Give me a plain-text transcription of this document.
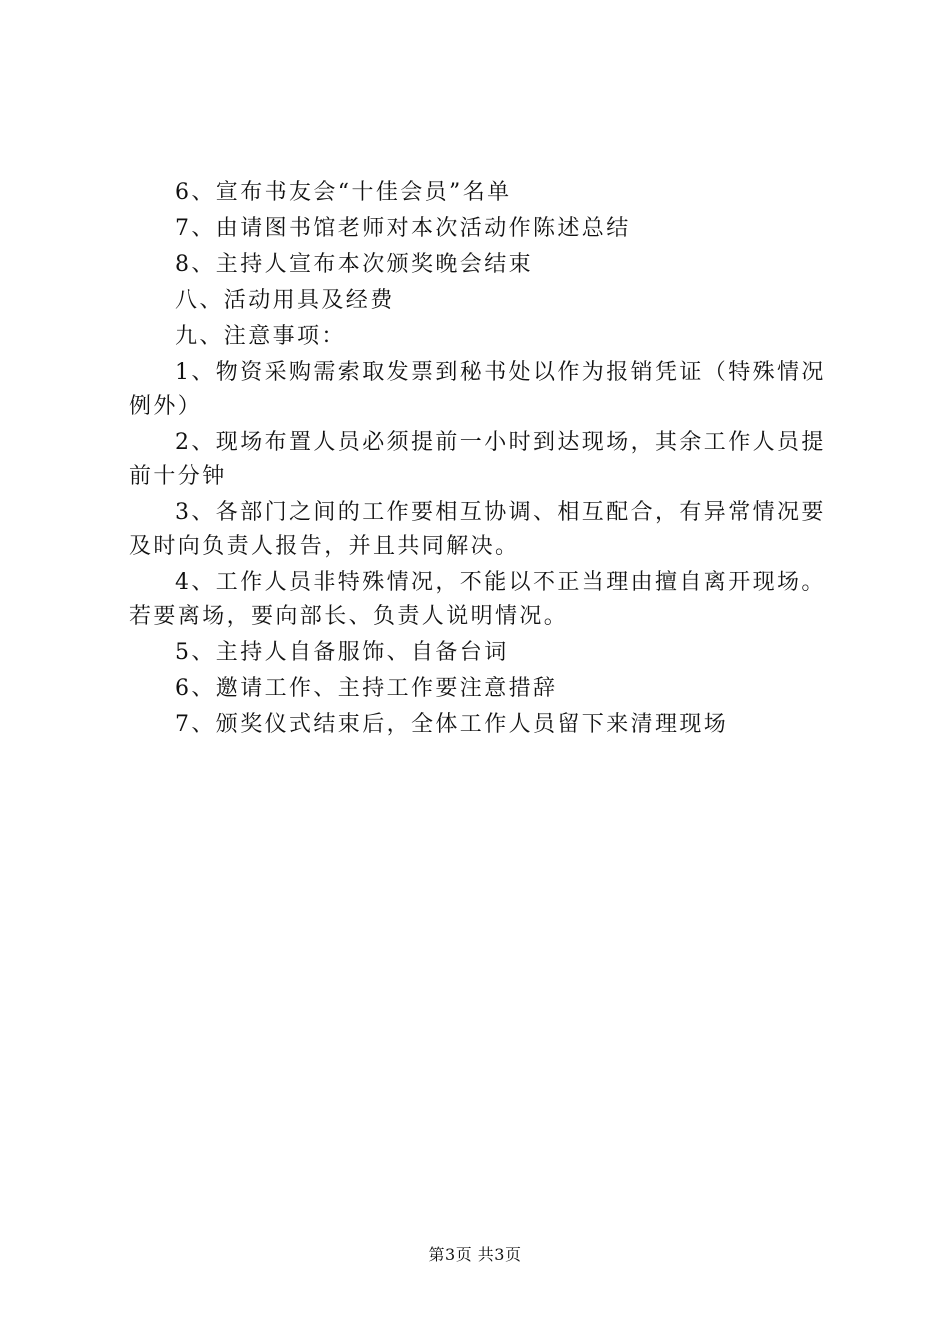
6、宣布书友会“十佳会员”名单

7、由请图书馆老师对本次活动作陈述总结

8、主持人宣布本次颁奖晚会结束

八、活动用具及经费

九、注意事项：

1、物资采购需索取发票到秘书处以作为报销凭证（特殊情况例外）

2、现场布置人员必须提前一小时到达现场，其余工作人员提前十分钟

3、各部门之间的工作要相互协调、相互配合，有异常情况要及时向负责人报告，并且共同解决。

4、工作人员非特殊情况，不能以不正当理由擅自离开现场。若要离场，要向部长、负责人说明情况。

5、主持人自备服饰、自备台词

6、邀请工作、主持工作要注意措辞

7、颁奖仪式结束后，全体工作人员留下来清理现场

第3页 共3页
